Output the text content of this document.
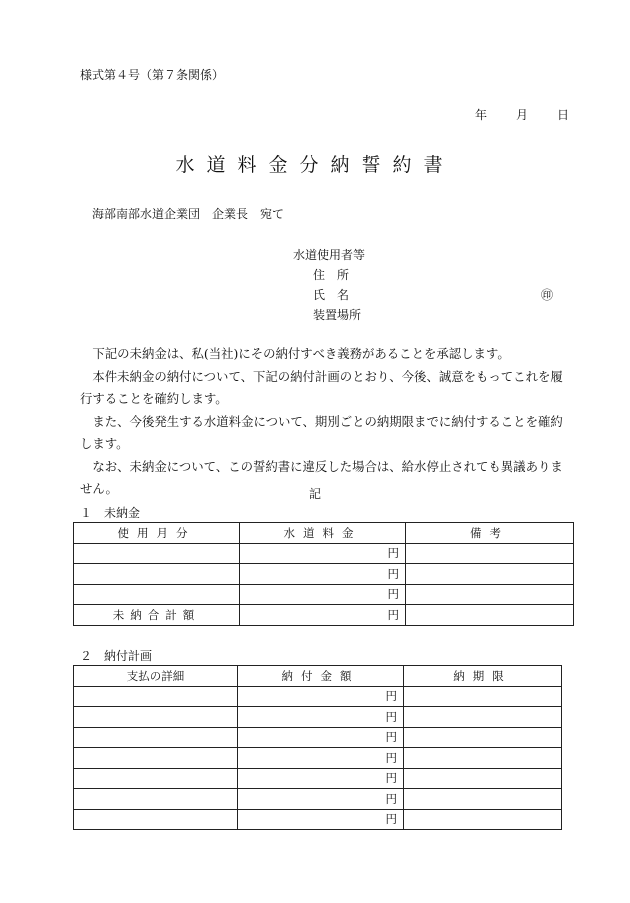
様式第４号（第７条関係）
年 月 日
水道料金分納誓約書
海部南部水道企業団　企業長　宛て
水道使用者等
住　所
氏　名	㊞
装置場所

下記の未納金は、私(当社)にその納付すべき義務があることを承認します。

本件未納金の納付について、下記の納付計画のとおり、今後、誠意をもってこれを履行することを確約します。

また、今後発生する水道料金について、期別ごとの納期限までに納付することを確約します。

なお、未納金について、この誓約書に違反した場合は、給水停止されても異議ありません。	記
１　未納金
使用月分	水道料金	備考
	円	
	円	
	円	
未納合計額	円	
２　納付計画
支払の詳細	納付金額	納期限
	円	
	円	
	円	
	円	
	円	
	円	
	円	
